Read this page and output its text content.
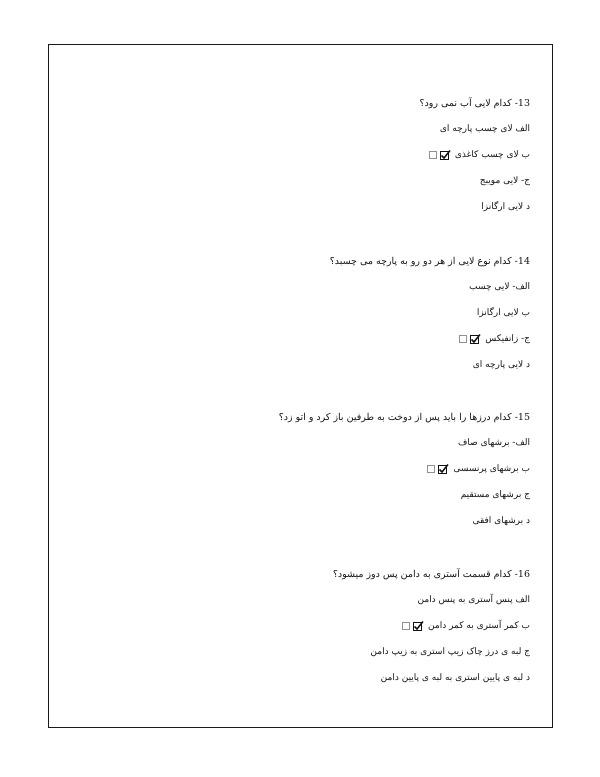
13- کدام لایی آب نمی رود؟
الف لای چسب پارچه ای
ب لای چسب کاغذی
ج- لایی مویبج
د لایی ارگانزا
14- کدام نوع لایی از هر دو رو به پارچه می چسبد؟
الف- لایی چسب
ب لایی ارگانزا
ج- زانفیکس
د لایی پارچه ای
15- کدام درزها را باید پس از دوخت به طرفین باز کرد و اتو زد؟
الف- برشهای صاف
ب برشهای پرنسسی
ج برشهای مستقیم
د برشهای افقی
16- کدام قسمت آستری به دامن پس دوز میشود؟
الف پنس آستری به پنس دامن
ب کمر آستری به کمر دامن
ج لبه ی درز چاک زیپ استری به زیپ دامن
د لبه ی پایین استری به لبه ی پایین دامن
